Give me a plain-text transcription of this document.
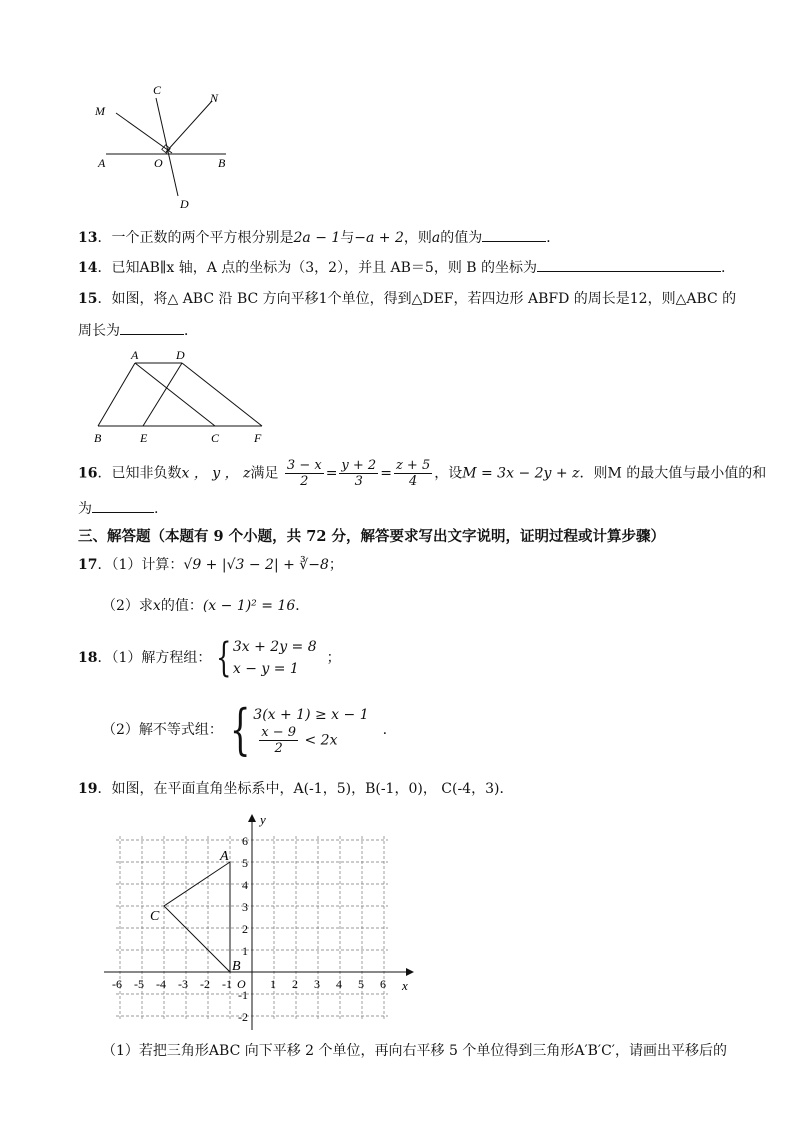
M
C
N
A	O	B
D
13．一个正数的两个平方根分别是2a − 1与−a + 2，则a的值为	．
14．已知AB∥x 轴，A 点的坐标为（3，2），并且 AB＝5，则 B 的坐标为	.
15．如图，将△ ABC 沿 BC 方向平移1个单位，得到△DEF，若四边形 ABFD 的周长是12，则△ABC 的
周长为	．
A	D
B	E	C	F
16．已知非负数x ， y ， z满足 $\frac{3 - x}{2} = \frac{y + 2}{3} = \frac{z + 5}{4}$ ，设M = 3x − 2y + z．则M 的最大值与最小值的和
为	.
三、解答题（本题有 9 个小题，共 72 分，解答要求写出文字说明，证明过程或计算步骤）
17．（1）计算：√9 + |√3 − 2| + ∛−8；
（2）求x的值：(x − 1)² = 16．
18．（1）解方程组： { 3x + 2y = 8
x − y = 1
；
（2）解不等式组： { 3(x + 1) ≥ x − 1
$\frac{x - 9}{2} < 2x$
.
19．如图，在平面直角坐标系中，A(-1，5)，B(-1，0)， C(-4，3)．
-6 -5 -4 -3 -2 -1	1 2 3 4 5 6
6
5
4
3
2
1
-1
-2
O	x
y
A
B
C
（1）若把三角形ABC 向下平移 2 个单位，再向右平移 5 个单位得到三角形A′B′C′，请画出平移后的
